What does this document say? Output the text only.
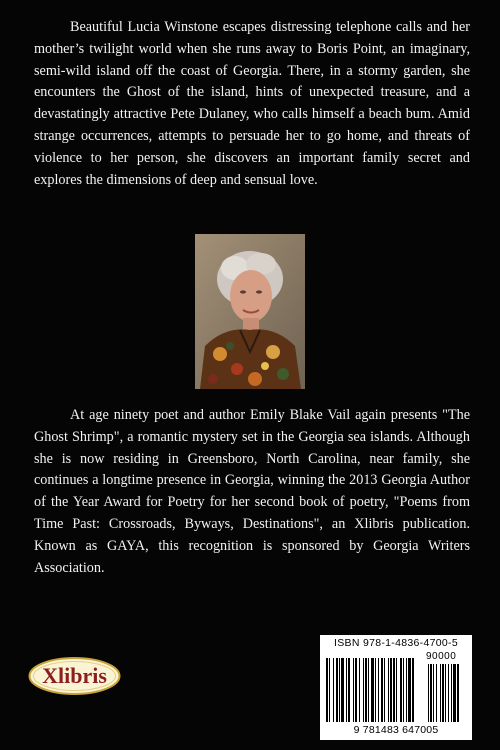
Beautiful Lucia Winstone escapes distressing telephone calls and her mother’s twilight world when she runs away to Boris Point, an imaginary, semi-wild island off the coast of Georgia. There, in a stormy garden, she encounters the Ghost of the island, hints of unexpected treasure, and a devastatingly attractive Pete Dulaney, who calls himself a beach bum. Amid strange occurrences, attempts to persuade her to go home, and threats of violence to her person, she discovers an important family secret and explores the dimensions of deep and sensual love.

At age ninety poet and author Emily Blake Vail again presents "The Ghost Shrimp", a romantic mystery set in the Georgia sea islands. Although she is now residing in Greensboro, North Carolina, near family, she continues a longtime presence in Georgia, winning the 2013 Georgia Author of the Year Award for Poetry for her second book of poetry, "Poems from Time Past: Crossroads, Byways, Destinations", an Xlibris publication. Known as GAYA, this recognition is sponsored by Georgia Writers Association.

Xlibris
ISBN 978-1-4836-4700-5
90000
9 781483 647005
